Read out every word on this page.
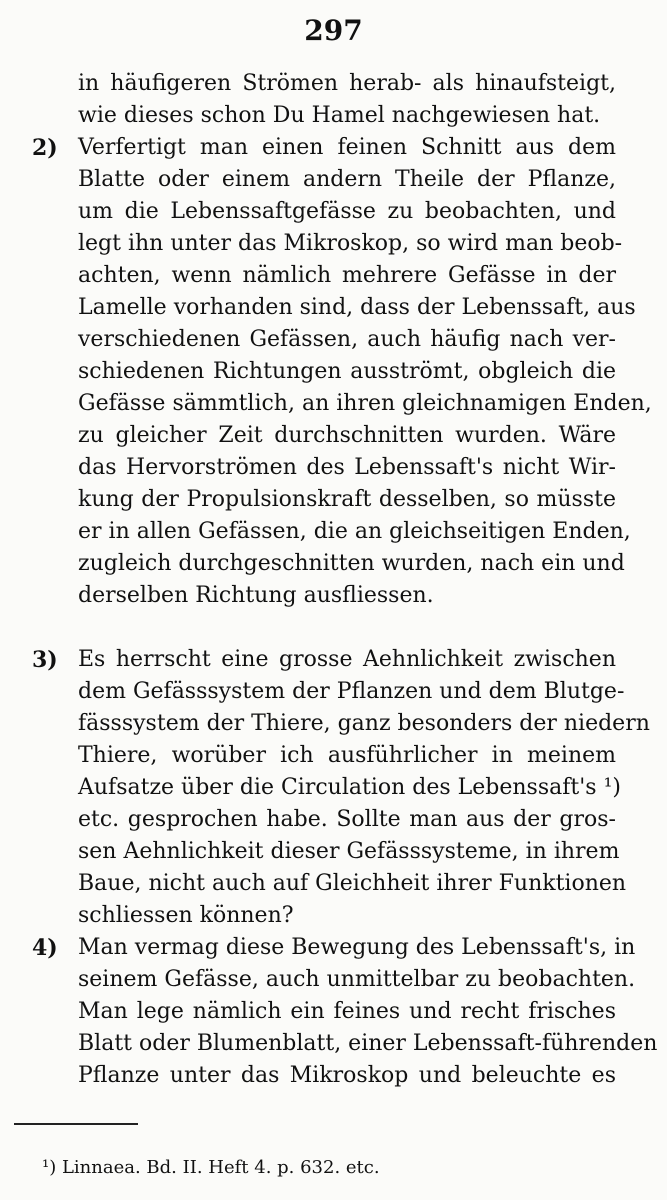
297
2)
3)
4)
in häufigeren Strömen herab- als hinaufsteigt,
wie dieses schon Du Hamel nachgewiesen hat.
Verfertigt man einen feinen Schnitt aus dem
Blatte oder einem andern Theile der Pflanze,
um die Lebenssaftgefässe zu beobachten, und
legt ihn unter das Mikroskop, so wird man beob-
achten, wenn nämlich mehrere Gefässe in der
Lamelle vorhanden sind, dass der Lebenssaft, aus
verschiedenen Gefässen, auch häufig nach ver-
schiedenen Richtungen ausströmt, obgleich die
Gefässe sämmtlich, an ihren gleichnamigen Enden,
zu gleicher Zeit durchschnitten wurden. Wäre
das Hervorströmen des Lebenssaft's nicht Wir-
kung der Propulsionskraft desselben, so müsste
er in allen Gefässen, die an gleichseitigen Enden,
zugleich durchgeschnitten wurden, nach ein und
derselben Richtung ausfliessen.
Es herrscht eine grosse Aehnlichkeit zwischen
dem Gefässsystem der Pflanzen und dem Blutge-
fässsystem der Thiere, ganz besonders der niedern
Thiere, worüber ich ausführlicher in meinem
Aufsatze über die Circulation des Lebenssaft's ¹)
etc. gesprochen habe. Sollte man aus der gros-
sen Aehnlichkeit dieser Gefässsysteme, in ihrem
Baue, nicht auch auf Gleichheit ihrer Funktionen
schliessen können?
Man vermag diese Bewegung des Lebenssaft's, in
seinem Gefässe, auch unmittelbar zu beobachten.
Man lege nämlich ein feines und recht frisches
Blatt oder Blumenblatt, einer Lebenssaft-führenden
Pflanze unter das Mikroskop und beleuchte es
¹) Linnaea. Bd. II. Heft 4. p. 632. etc.
